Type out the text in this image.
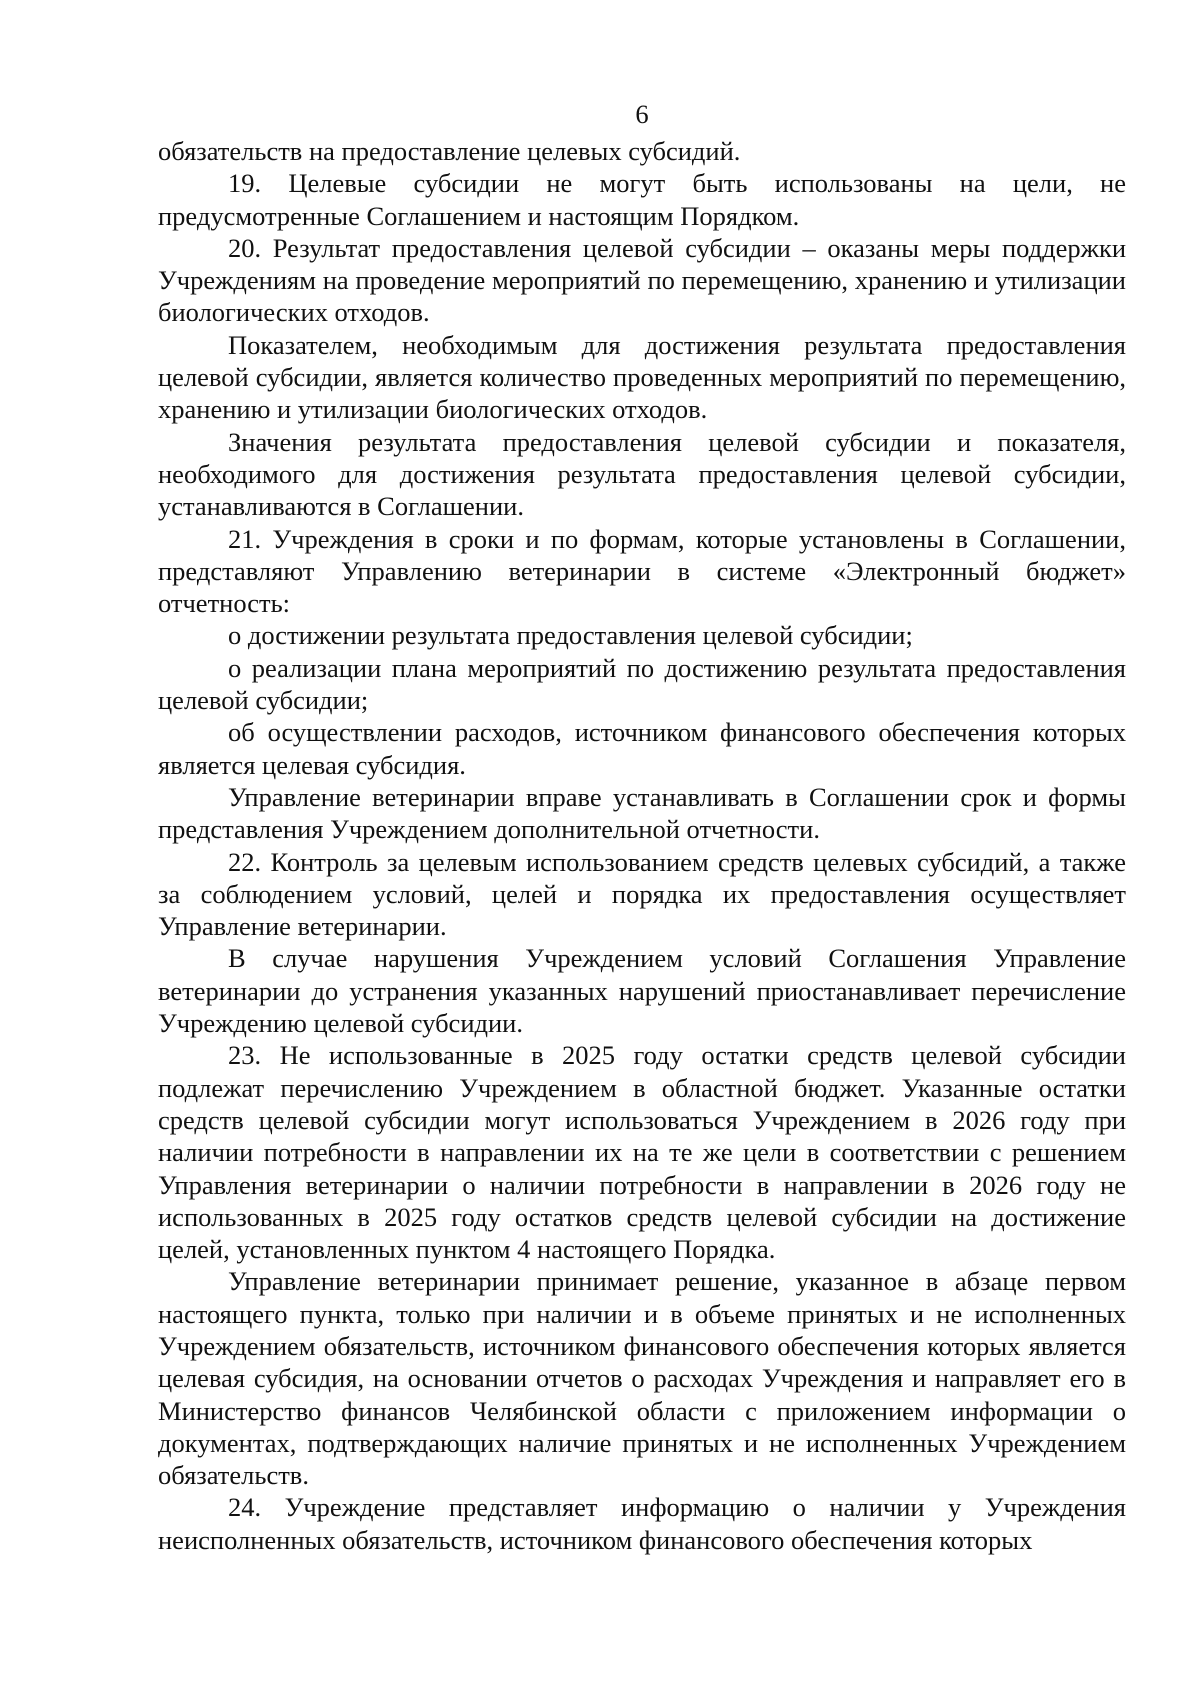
6

обязательств на предоставление целевых субсидий.

19. Целевые субсидии не могут быть использованы на цели, не предусмотренные Соглашением и настоящим Порядком.

20. Результат предоставления целевой субсидии – оказаны меры поддержки Учреждениям на проведение мероприятий по перемещению, хранению и утилизации биологических отходов.

Показателем, необходимым для достижения результата предоставления целевой субсидии, является количество проведенных мероприятий по перемещению, хранению и утилизации биологических отходов.

Значения результата предоставления целевой субсидии и показателя, необходимого для достижения результата предоставления целевой субсидии, устанавливаются в Соглашении.

21. Учреждения в сроки и по формам, которые установлены в Соглашении, представляют Управлению ветеринарии в системе «Электронный бюджет» отчетность:

о достижении результата предоставления целевой субсидии;

о реализации плана мероприятий по достижению результата предоставления целевой субсидии;

об осуществлении расходов, источником финансового обеспечения которых является целевая субсидия.

Управление ветеринарии вправе устанавливать в Соглашении срок и формы представления Учреждением дополнительной отчетности.

22. Контроль за целевым использованием средств целевых субсидий, а также за соблюдением условий, целей и порядка их предоставления осуществляет Управление ветеринарии.

В случае нарушения Учреждением условий Соглашения Управление ветеринарии до устранения указанных нарушений приостанавливает перечисление Учреждению целевой субсидии.

23. Не использованные в 2025 году остатки средств целевой субсидии подлежат перечислению Учреждением в областной бюджет. Указанные остатки средств целевой субсидии могут использоваться Учреждением в 2026 году при наличии потребности в направлении их на те же цели в соответствии с решением Управления ветеринарии о наличии потребности в направлении в 2026 году не использованных в 2025 году остатков средств целевой субсидии на достижение целей, установленных пунктом 4 настоящего Порядка.

Управление ветеринарии принимает решение, указанное в абзаце первом настоящего пункта, только при наличии и в объеме принятых и не исполненных Учреждением обязательств, источником финансового обеспечения которых является целевая субсидия, на основании отчетов о расходах Учреждения и направляет его в Министерство финансов Челябинской области с приложением информации о документах, подтверждающих наличие принятых и не исполненных Учреждением обязательств.

24. Учреждение представляет информацию о наличии у Учреждения неисполненных обязательств, источником финансового обеспечения которых
